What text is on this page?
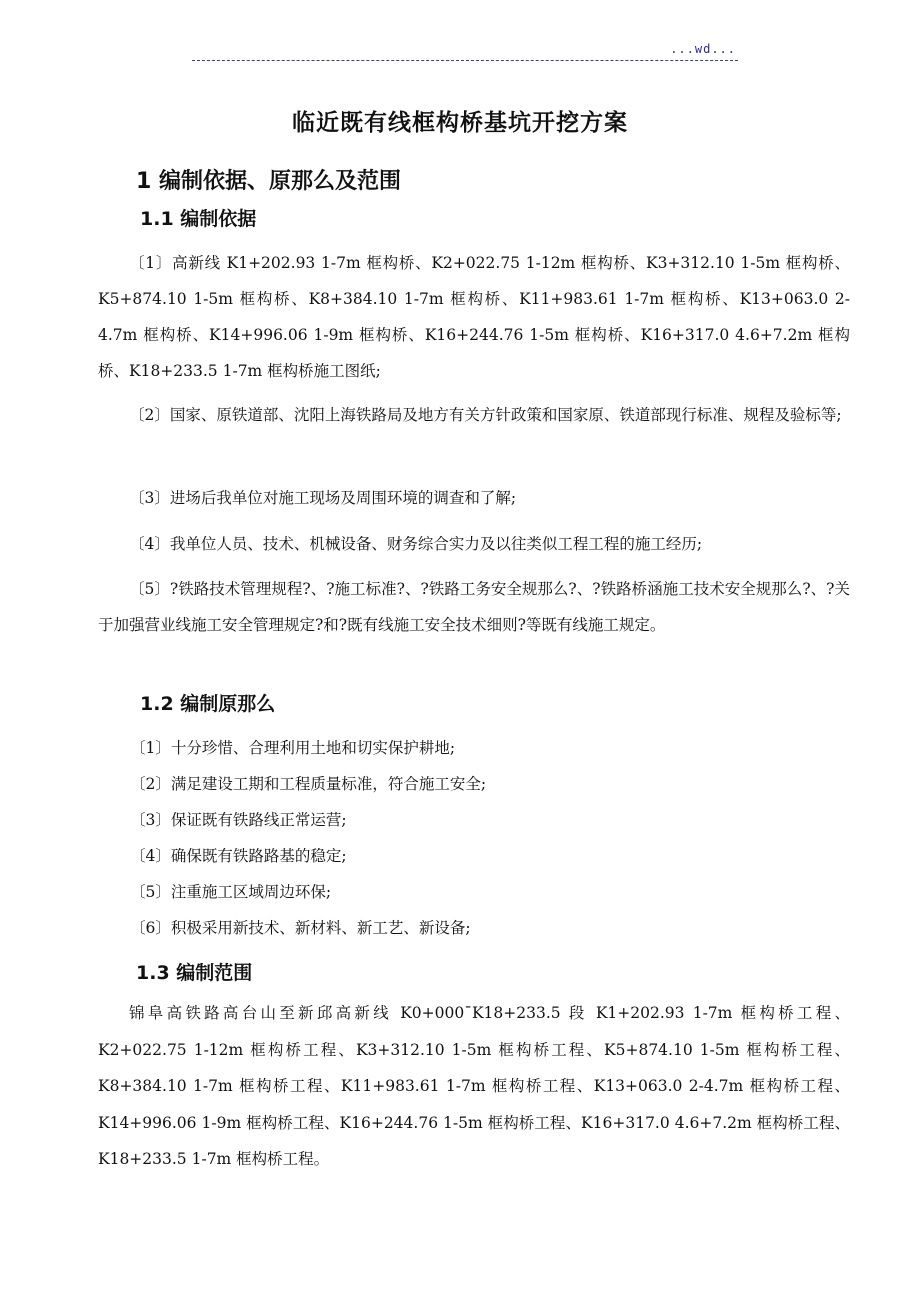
...wd...
临近既有线框构桥基坑开挖方案
1 编制依据、原那么及范围
1.1 编制依据

〔1〕高新线 K1+202.93 1-7m 框构桥、K2+022.75 1-12m 框构桥、K3+312.10 1-5m 框构桥、K5+874.10 1-5m 框构桥、K8+384.10 1-7m 框构桥、K11+983.61 1-7m 框构桥、K13+063.0 2-4.7m 框构桥、K14+996.06 1-9m 框构桥、K16+244.76 1-5m 框构桥、K16+317.0 4.6+7.2m 框构桥、K18+233.5 1-7m 框构桥施工图纸;

〔2〕国家、原铁道部、沈阳上海铁路局及地方有关方针政策和国家原、铁道部现行标准、规程及验标等;

〔3〕进场后我单位对施工现场及周围环境的调查和了解;

〔4〕我单位人员、技术、机械设备、财务综合实力及以往类似工程工程的施工经历;

〔5〕?铁路技术管理规程?、?施工标准?、?铁路工务安全规那么?、?铁路桥涵施工技术安全规那么?、?关于加强营业线施工安全管理规定?和?既有线施工安全技术细则?等既有线施工规定。

1.2 编制原那么
〔1〕十分珍惜、合理利用土地和切实保护耕地;
〔2〕满足建设工期和工程质量标准，符合施工安全;
〔3〕保证既有铁路线正常运营;
〔4〕确保既有铁路路基的稳定;
〔5〕注重施工区域周边环保;
〔6〕积极采用新技术、新材料、新工艺、新设备;
1.3 编制范围

锦阜高铁路高台山至新邱高新线 K0+000¯K18+233.5 段 K1+202.93 1-7m 框构桥工程、K2+022.75 1-12m 框构桥工程、K3+312.10 1-5m 框构桥工程、K5+874.10 1-5m 框构桥工程、K8+384.10 1-7m 框构桥工程、K11+983.61 1-7m 框构桥工程、K13+063.0 2-4.7m 框构桥工程、K14+996.06 1-9m 框构桥工程、K16+244.76 1-5m 框构桥工程、K16+317.0 4.6+7.2m 框构桥工程、K18+233.5 1-7m 框构桥工程。
